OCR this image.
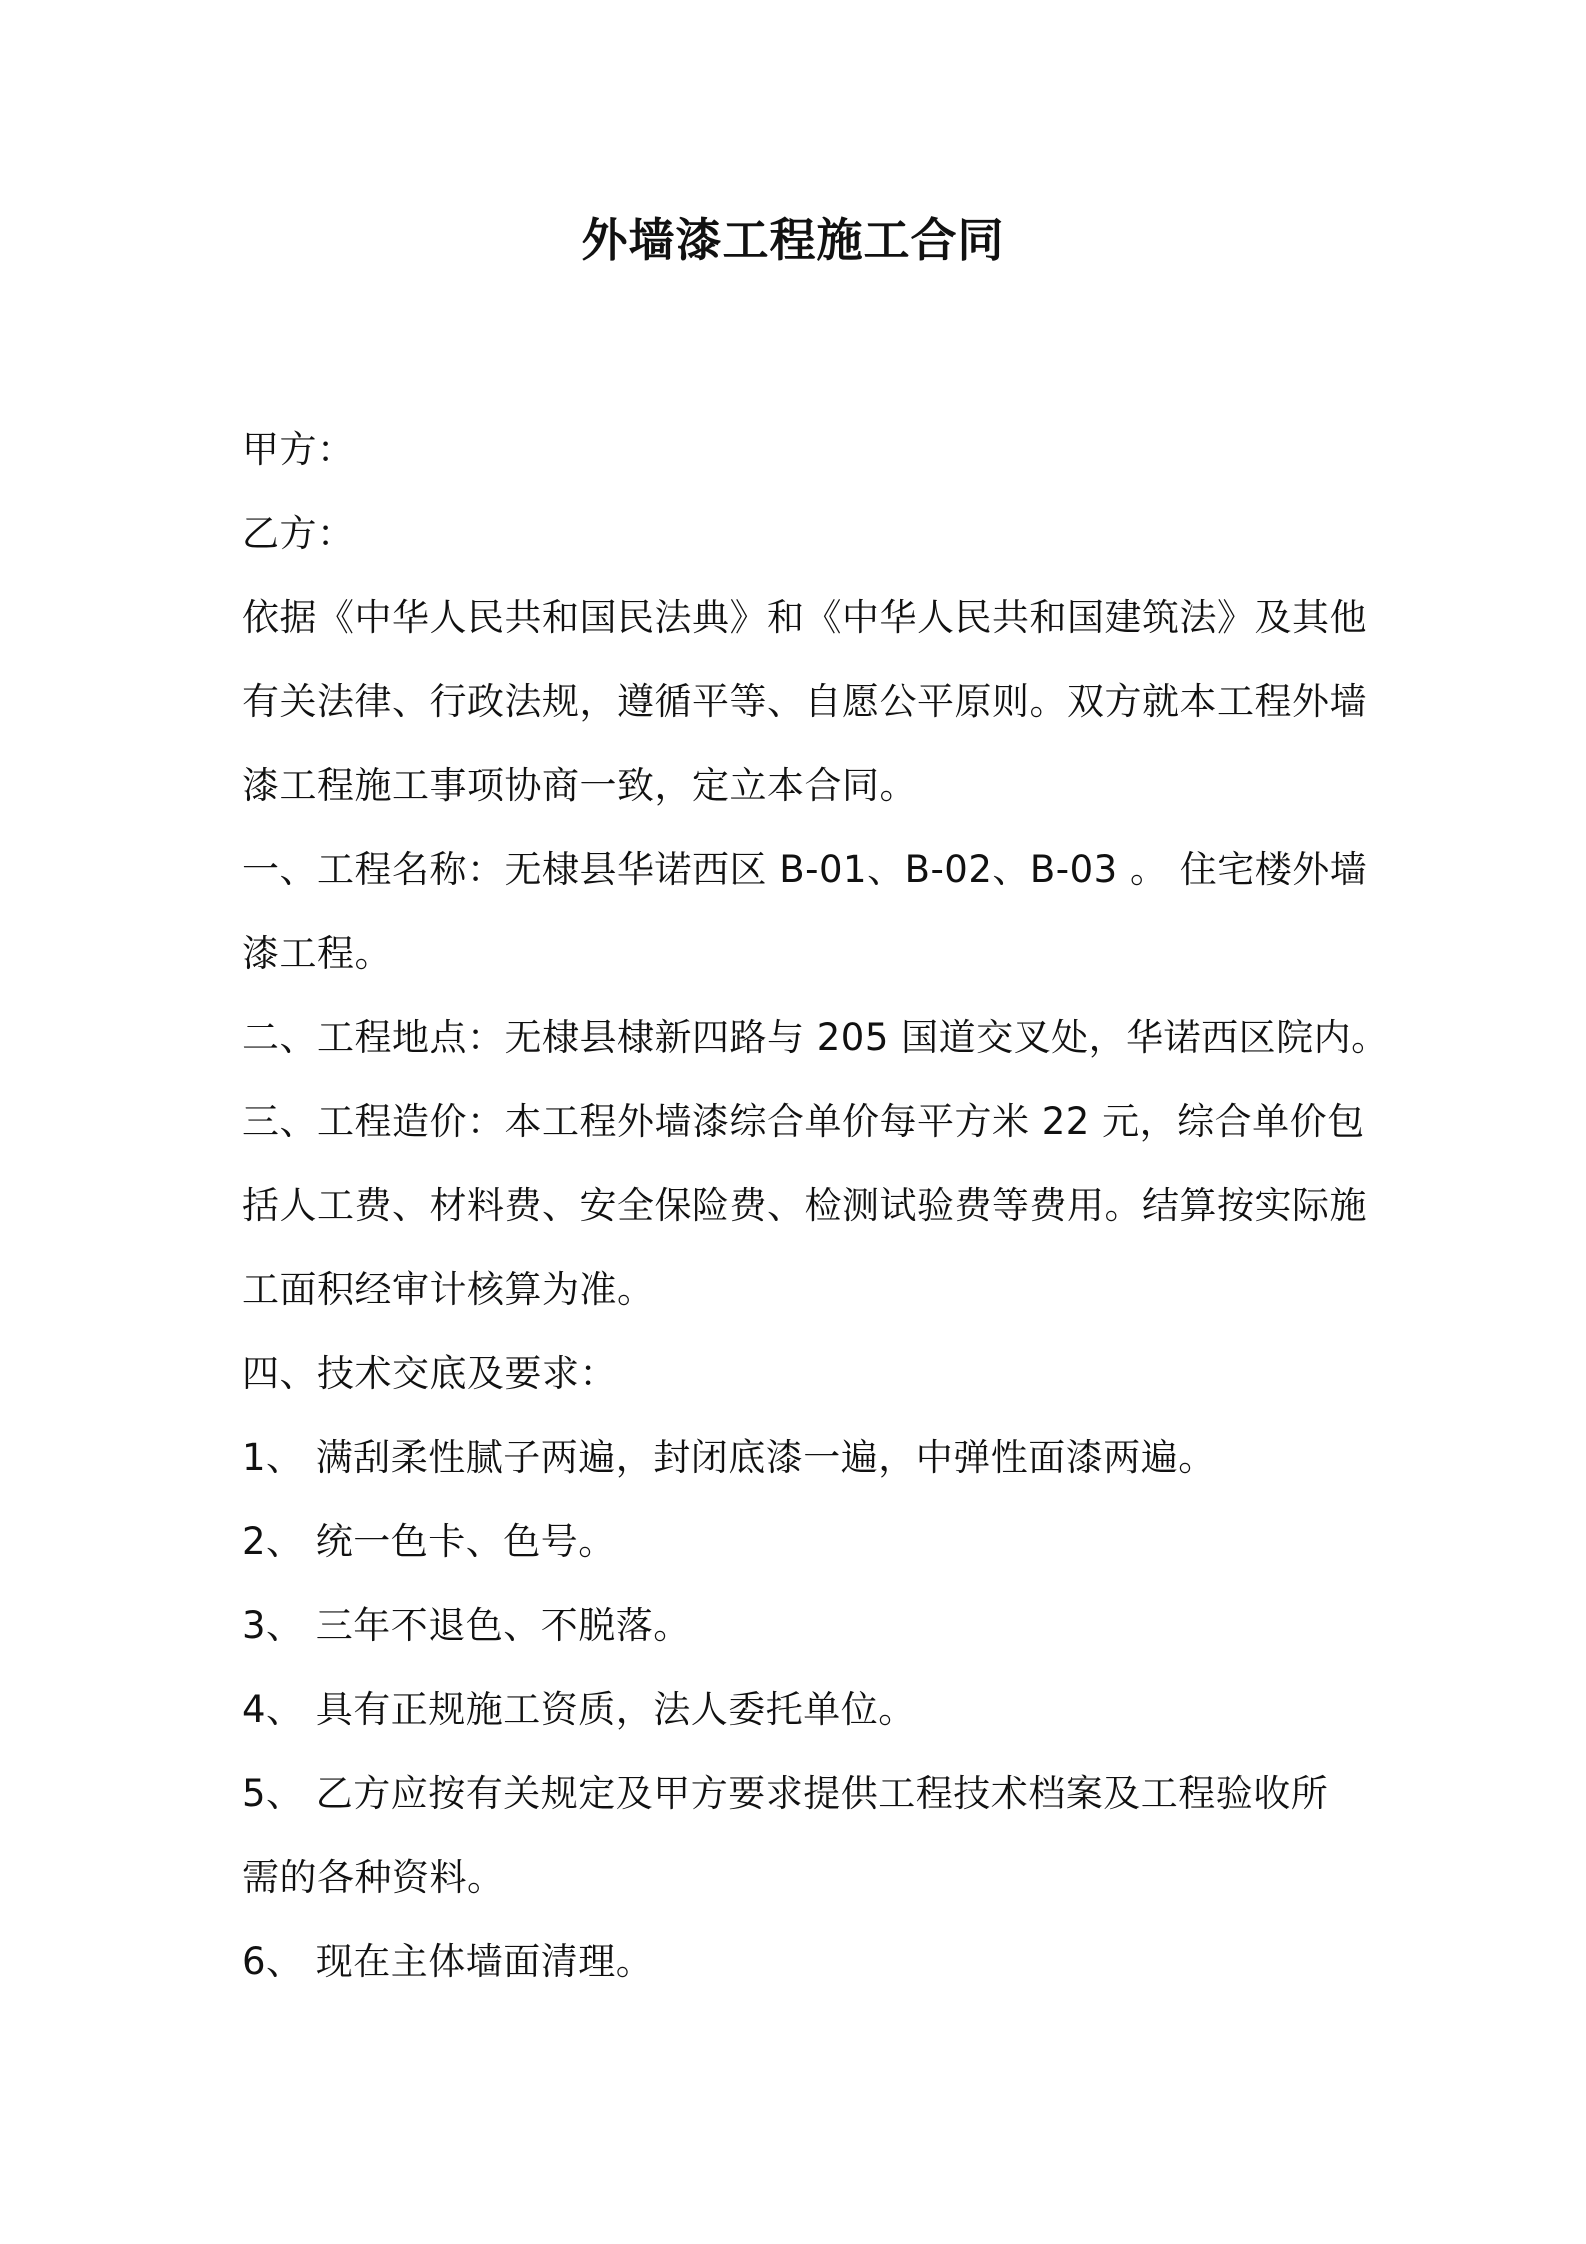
外墙漆工程施工合同

甲方：

乙方：

依据《中华人民共和国民法典》和《中华人民共和国建筑法》及其他

有关法律、行政法规，遵循平等、自愿公平原则。双方就本工程外墙

漆工程施工事项协商一致，定立本合同。

一、工程名称：无棣县华诺西区 B-01、B-02、B-03 。 住宅楼外墙

漆工程。

二、工程地点：无棣县棣新四路与 205 国道交叉处，华诺西区院内。

三、工程造价：本工程外墙漆综合单价每平方米 22 元，综合单价包

括人工费、材料费、安全保险费、检测试验费等费用。结算按实际施

工面积经审计核算为准。

四、技术交底及要求：

1、 满刮柔性腻子两遍，封闭底漆一遍，中弹性面漆两遍。

2、 统一色卡、色号。

3、 三年不退色、不脱落。

4、 具有正规施工资质，法人委托单位。

5、 乙方应按有关规定及甲方要求提供工程技术档案及工程验收所

需的各种资料。

6、 现在主体墙面清理。
